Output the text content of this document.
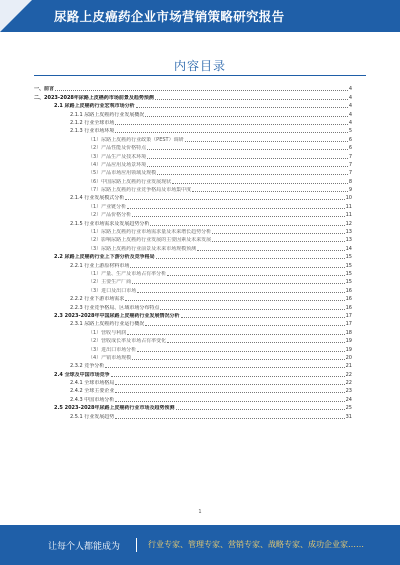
尿路上皮癌药企业市场营销策略研究报告
内容目录
一、前言	4
二、2023-2028年尿路上皮癌药市场前景及趋势预测	4
2.1 尿路上皮癌药行业宏观市场分析	4
2.1.1 尿路上皮癌药行业发展概况	4
2.1.2 行业全球市场	4
2.1.3 行业市场环境	5
（1）尿路上皮癌药行业政策（PEST）调研	6
（2）产品性能及价格特点	6
（3）产品生产及技术环境	7
（4）产品应用及场景环境	7
（5）产品市场应用领域及规模	7
（6）中国尿路上皮癌药行业发展现状	8
（7）尿路上皮癌药行业竞争格局及市场集中度	9
2.1.4 行业发展模式分析	10
（1）产业链分析	11
（2）产品价格分析	11
2.1.5 行业市场需求及发展趋势分析	12
（1）尿路上皮癌药行业市场需求量及未来增长趋势分析	13
（2）影响尿路上皮癌药行业发展的主要因素及未来发展	13
（3）尿路上皮癌药行业前景及未来市场规模预测	14
2.2 尿路上皮癌药行业上下游分析及竞争格局	15
2.2.1 行业上游原材料市场	15
（1）产量、生产及市场占有率分析	15
（2）主要生产厂商	15
（3）进口及出口市场	16
2.2.2 行业下游市场需求	16
2.2.3 行业竞争格局、区域市场分布特点	16
2.3 2023-2028年中国尿路上皮癌药行业发展情况分析	17
2.3.1 尿路上皮癌药行业运行概况	17
（1）营收与利润	18
（2）营收成长率及市场占有率变化	19
（3）进出口市场分析	19
（4）产销市场规模	20
2.3.2 竞争分析	21
2.4 全球及中国市场竞争	22
2.4.1 全球市场格局	22
2.4.2 全球主要企业	23
2.4.3 中国市场分析	24
2.5 2023-2028年尿路上皮癌药行业市场及趋势预测	25
2.5.1 行业发展趋势	31
1
让每个人都能成为	行业专家、管理专家、营销专家、战略专家、成功企业家……
